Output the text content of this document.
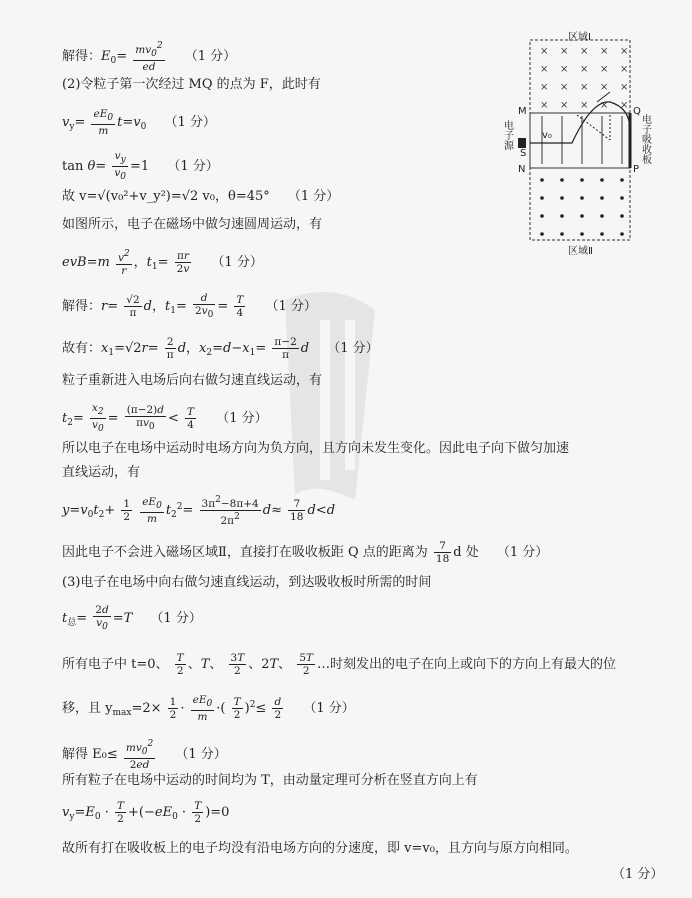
解得：$E_0= \frac{mv02}{ed} (1$ 分）
(2)令粒子第一次经过 MQ 的点为 F，此时有
$v_y= \frac{eE0}{m} t=v_0$ （1 分）
$\tan \theta= \frac{vy}{v0} =1$ （1 分）
故 v=√(v₀²+v_y²)=√2 v₀，θ=45° （1 分）
如图所示，电子在磁场中做匀速圆周运动，有
$evB=m \frac{v2}{r}$ ，$t_1= \frac{\pi r}{2v} (1$ 分）
解得：$r= \frac{√2}{\pi}$ d，$t_1= \frac{d}{2v0} = \frac{T}{4} (1$ 分）
故有：$x_1=√2r= \frac{2}{\pi}$ d，$x_2=d-x_1= \frac{\pi-2}{\pi}$ d （1 分）
粒子重新进入电场后向右做匀速直线运动，有
$t_2= \frac{x2}{v0} = \frac{(\pi-2)d}{\pi v0} < \frac{T}{4} (1$ 分）
所以电子在电场中运动时电场方向为负方向，且方向未发生变化。因此电子向下做匀加速
直线运动，有
$y=v_0t_2+ \frac{1}{2}$
$\frac{eE0}{m} t_2^2= \frac{3\pi 2-8\pi+4}{2\pi 2} d\approx \frac{7}{18} d<d$
因此电子不会进入磁场区域Ⅱ，直接打在吸收板距 Q 点的距离为 $\frac{7}{18}$ d 处 （1 分）
(3)电子在电场中向右做匀速直线运动，到达吸收板时所需的时间
$t_总= \frac{2d}{v0} =T$ （1 分）
所有电子中 t=0、 $\frac{T}{2}$ 、T、 $\frac{3T}{2}$ 、2T、 $\frac{5T}{2}$ …时刻发出的电子在向上或向下的方向上有最大的位
移，且 $y_{max}=2\times \frac{1}{2} \cdot \frac{eE0}{m}$ ·( $\frac{T}{2} )^2\le \frac{d}{2} (1$ 分）
解得 $E_0\le \frac{mv02}{2ed} (1$ 分）
所有粒子在电场中运动的时间均为 T，由动量定理可分析在竖直方向上有
$v_y=E_0 \cdot \frac{T}{2} +(-eE_0 \cdot \frac{T}{2} )=0$
故所有打在吸收板上的电子均没有沿电场方向的分速度，即 v=v₀，且方向与原方向相同。
（1 分）
× × × × ×
× × × × ×
× × × × ×
× × × × ×
区域Ⅰ
区域Ⅱ
M
N
Q
P
S
电子源
电子吸收板
v₀
